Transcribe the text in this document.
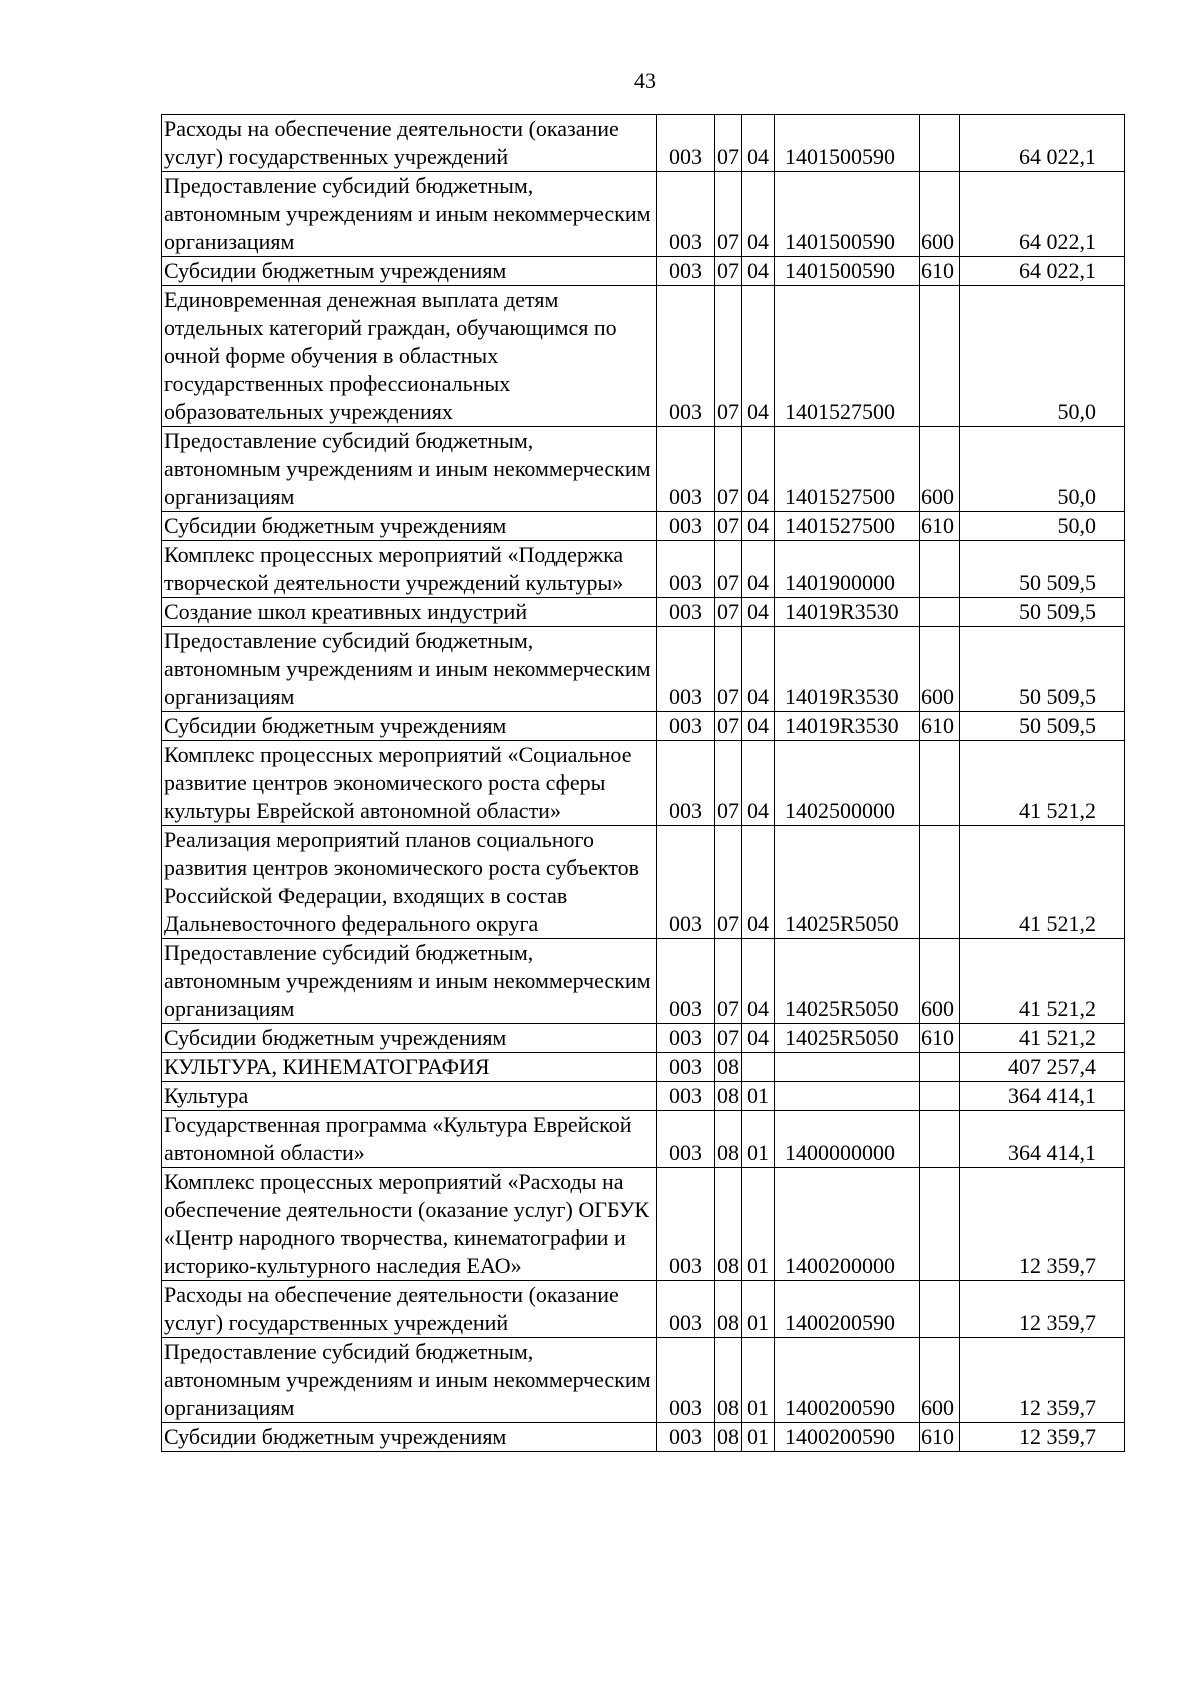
43
Расходы на обеспечение деятельности (оказание услуг) государственных учреждений	003	07	04	1401500590		64 022,1
Предоставление субсидий бюджетным, автономным учреждениям и иным некоммерческим организациям	003	07	04	1401500590	600	64 022,1
Субсидии бюджетным учреждениям	003	07	04	1401500590	610	64 022,1
Единовременная денежная выплата детям отдельных категорий граждан, обучающимся по очной форме обучения в областных государственных профессиональных образовательных учреждениях	003	07	04	1401527500		50,0
Предоставление субсидий бюджетным, автономным учреждениям и иным некоммерческим организациям	003	07	04	1401527500	600	50,0
Субсидии бюджетным учреждениям	003	07	04	1401527500	610	50,0
Комплекс процессных мероприятий «Поддержка творческой деятельности учреждений культуры»	003	07	04	1401900000		50 509,5
Создание школ креативных индустрий	003	07	04	14019R3530		50 509,5
Предоставление субсидий бюджетным, автономным учреждениям и иным некоммерческим организациям	003	07	04	14019R3530	600	50 509,5
Субсидии бюджетным учреждениям	003	07	04	14019R3530	610	50 509,5
Комплекс процессных мероприятий «Социальное развитие центров экономического роста сферы культуры Еврейской автономной области»	003	07	04	1402500000		41 521,2
Реализация мероприятий планов социального развития центров экономического роста субъектов Российской Федерации, входящих в состав Дальневосточного федерального округа	003	07	04	14025R5050		41 521,2
Предоставление субсидий бюджетным, автономным учреждениям и иным некоммерческим организациям	003	07	04	14025R5050	600	41 521,2
Субсидии бюджетным учреждениям	003	07	04	14025R5050	610	41 521,2
КУЛЬТУРА, КИНЕМАТОГРАФИЯ	003	08				407 257,4
Культура	003	08	01			364 414,1
Государственная программа «Культура Еврейской автономной области»	003	08	01	1400000000		364 414,1
Комплекс процессных мероприятий «Расходы на обеспечение деятельности (оказание услуг) ОГБУК «Центр народного творчества, кинематографии и историко-культурного наследия ЕАО»	003	08	01	1400200000		12 359,7
Расходы на обеспечение деятельности (оказание услуг) государственных учреждений	003	08	01	1400200590		12 359,7
Предоставление субсидий бюджетным, автономным учреждениям и иным некоммерческим организациям	003	08	01	1400200590	600	12 359,7
Субсидии бюджетным учреждениям	003	08	01	1400200590	610	12 359,7
